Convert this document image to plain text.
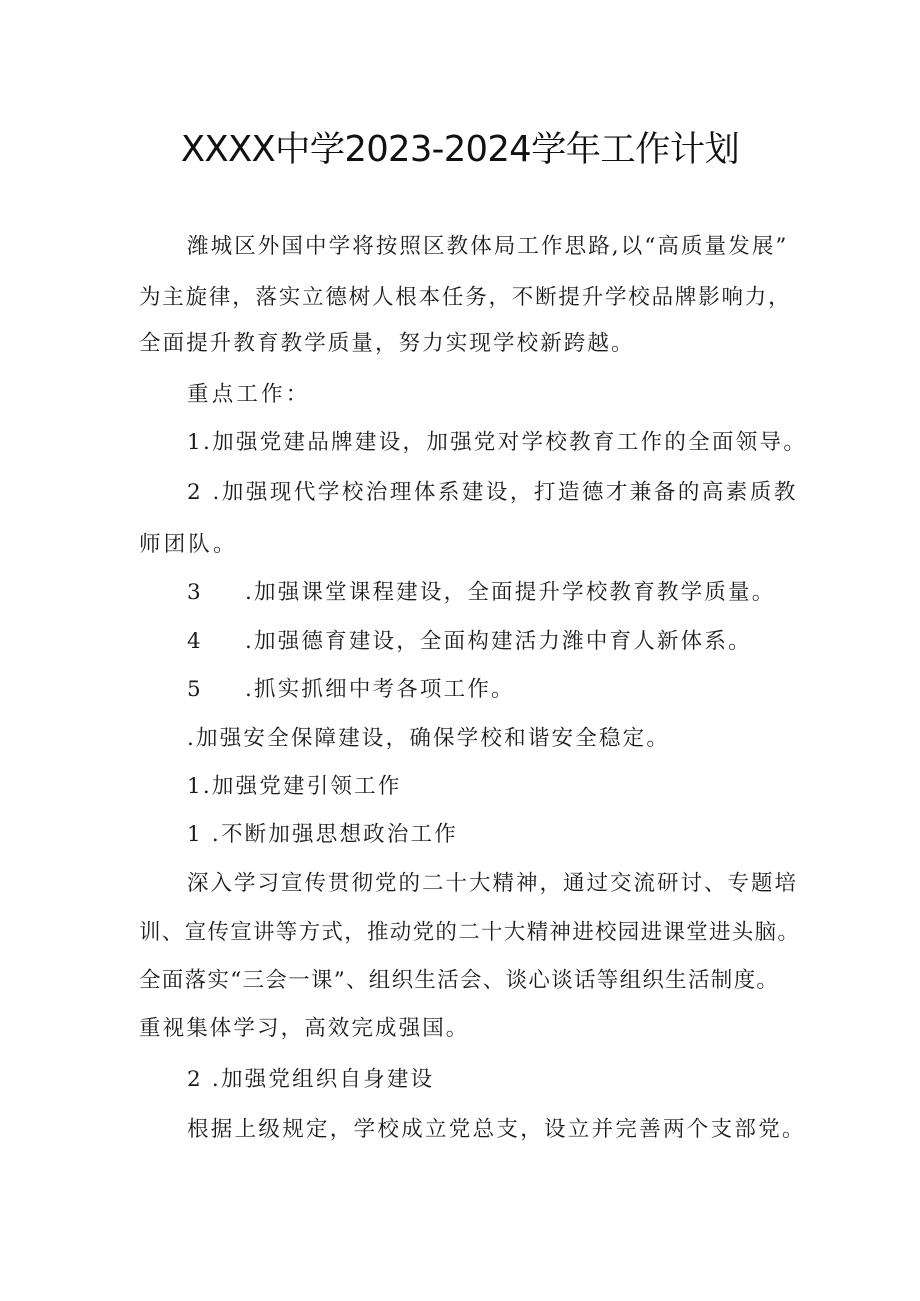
XXXX中学2023-2024学年工作计划
潍城区外国中学将按照区教体局工作思路,以“高质量发展”
为主旋律，落实立德树人根本任务，不断提升学校品牌影响力，
全面提升教育教学质量，努力实现学校新跨越。
重点工作：
1.加强党建品牌建设，加强党对学校教育工作的全面领导。
2 .加强现代学校治理体系建设，打造德才兼备的高素质教
师团队。
3 .加强课堂课程建设，全面提升学校教育教学质量。
4 .加强德育建设，全面构建活力潍中育人新体系。
5 .抓实抓细中考各项工作。
.加强安全保障建设，确保学校和谐安全稳定。
1.加强党建引领工作
1 .不断加强思想政治工作
深入学习宣传贯彻党的二十大精神，通过交流研讨、专题培
训、宣传宣讲等方式，推动党的二十大精神进校园进课堂进头脑。
全面落实“三会一课”、组织生活会、谈心谈话等组织生活制度。
重视集体学习，高效完成强国。
2 .加强党组织自身建设
根据上级规定，学校成立党总支，设立并完善两个支部党。
